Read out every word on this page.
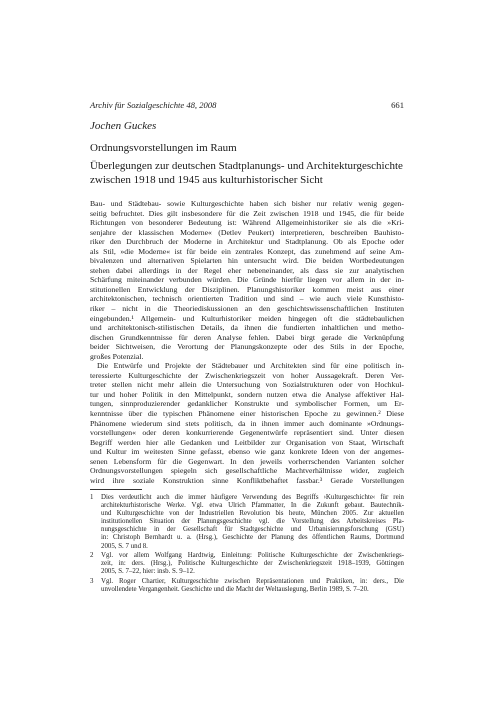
Archiv für Sozialgeschichte 48, 2008	661
Jochen Guckes
Ordnungsvorstellungen im Raum
Überlegungen zur deutschen Stadtplanungs- und Architekturgeschichte
zwischen 1918 und 1945 aus kulturhistorischer Sicht

Bau- und Städtebau- sowie Kulturgeschichte haben sich bisher nur relativ wenig gegen-

seitig befruchtet. Dies gilt insbesondere für die Zeit zwischen 1918 und 1945, die für beide

Richtungen von besonderer Bedeutung ist: Während Allgemeinhistoriker sie als die »Kri-

senjahre der klassischen Moderne« (Detlev Peukert) interpretieren, beschreiben Bauhisto-

riker den Durchbruch der Moderne in Architektur und Stadtplanung. Ob als Epoche oder

als Stil, »die Moderne« ist für beide ein zentrales Konzept, das zunehmend auf seine Am-

bivalenzen und alternativen Spielarten hin untersucht wird. Die beiden Wortbedeutungen

stehen dabei allerdings in der Regel eher nebeneinander, als dass sie zur analytischen

Schärfung miteinander verbunden würden. Die Gründe hierfür liegen vor allem in der in-

stitutionellen Entwicklung der Disziplinen. Planungshistoriker kommen meist aus einer

architektonischen, technisch orientierten Tradition und sind – wie auch viele Kunsthisto-

riker – nicht in die Theoriediskussionen an den geschichtswissenschaftlichen Instituten

eingebunden.¹ Allgemein- und Kulturhistoriker meiden hingegen oft die städtebaulichen

und architektonisch-stilistischen Details, da ihnen die fundierten inhaltlichen und metho-

dischen Grundkenntnisse für deren Analyse fehlen. Dabei birgt gerade die Verknüpfung

beider Sichtweisen, die Verortung der Planungskonzepte oder des Stils in der Epoche,

großes Potenzial.

Die Entwürfe und Projekte der Städtebauer und Architekten sind für eine politisch in-

teressierte Kulturgeschichte der Zwischenkriegszeit von hoher Aussagekraft. Deren Ver-

treter stellen nicht mehr allein die Untersuchung von Sozialstrukturen oder von Hochkul-

tur und hoher Politik in den Mittelpunkt, sondern nutzen etwa die Analyse affektiver Hal-

tungen, sinnproduzierender gedanklicher Konstrukte und symbolischer Formen, um Er-

kenntnisse über die typischen Phänomene einer historischen Epoche zu gewinnen.² Diese

Phänomene wiederum sind stets politisch, da in ihnen immer auch dominante »Ordnungs-

vorstellungen« oder deren konkurrierende Gegenentwürfe repräsentiert sind. Unter diesen

Begriff werden hier alle Gedanken und Leitbilder zur Organisation von Staat, Wirtschaft

und Kultur im weitesten Sinne gefasst, ebenso wie ganz konkrete Ideen von der angemes-

senen Lebensform für die Gegenwart. In den jeweils vorherrschenden Varianten solcher

Ordnungsvorstellungen spiegeln sich gesellschaftliche Machtverhältnisse wider, zugleich

wird ihre soziale Konstruktion sinne Konfliktbehaftet fassbar.³ Gerade Vorstellungen

1 Dies verdeutlicht auch die immer häufigere Verwendung des Begriffs ›Kulturgeschichte‹ für rein

architekturhistorische Werke. Vgl. etwa Ulrich Pfammatter, In die Zukunft gebaut. Bautechnik-

und Kulturgeschichte von der Industriellen Revolution bis heute, München 2005. Zur aktuellen

institutionellen Situation der Planungsgeschichte vgl. die Vorstellung des Arbeitskreises Pla-

nungsgeschichte in der Gesellschaft für Stadtgeschichte und Urbanisierungsforschung (GSU)

in: Christoph Bernhardt u. a. (Hrsg.), Geschichte der Planung des öffentlichen Raums, Dortmund

2005, S. 7 und 8.

2 Vgl. vor allem Wolfgang Hardtwig, Einleitung: Politische Kulturgeschichte der Zwischenkriegs-

zeit, in: ders. (Hrsg.), Politische Kulturgeschichte der Zwischenkriegszeit 1918–1939, Göttingen

2005, S. 7–22, hier: insb. S. 9–12.

3 Vgl. Roger Chartier, Kulturgeschichte zwischen Repräsentationen und Praktiken, in: ders., Die

unvollendete Vergangenheit. Geschichte und die Macht der Weltauslegung, Berlin 1989, S. 7–20.
